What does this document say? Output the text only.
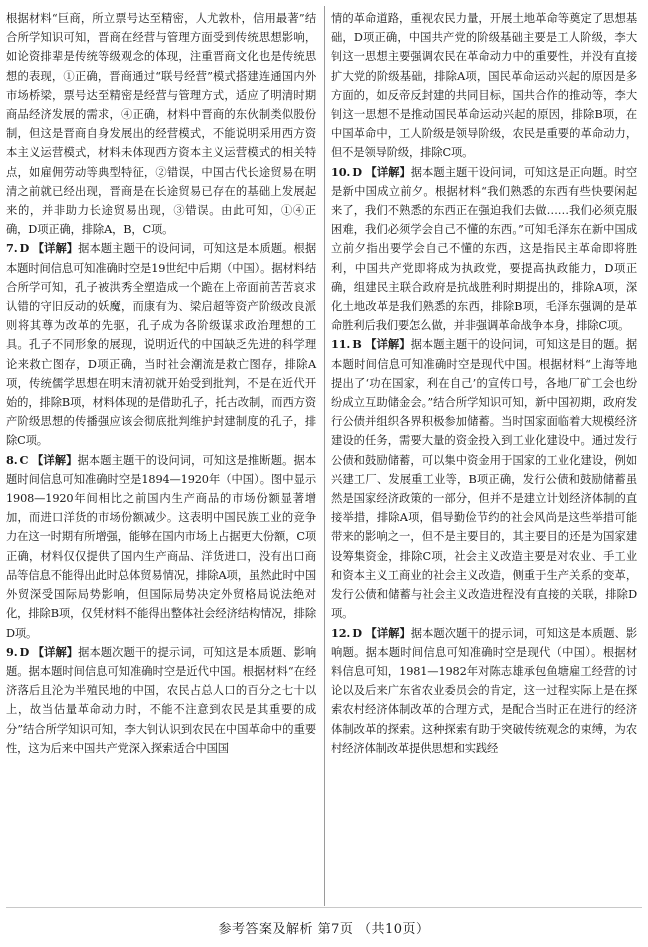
根据材料“巨商，所立票号达至精密，人尤敦朴，信用最著”结合所学知识可知，晋商在经营与管理方面受到传统思想影响，如论资排辈是传统等级观念的体现，注重晋商文化也是传统思想的表现，①正确，晋商通过“联号经营”模式搭建连通国内外市场桥梁，票号达至精密是经营与管理方式，适应了明清时期商品经济发展的需求，④正确，材料中晋商的东伙制类似股份制，但这是晋商自身发展出的经营模式，不能说明采用西方资本主义运营模式，材料未体现西方资本主义运营模式的相关特点，如雇佣劳动等典型特征，②错误，中国古代长途贸易在明清之前就已经出现，晋商是在长途贸易已存在的基础上发展起来的，并非助力长途贸易出现，③错误。由此可知，①④正确，D项正确，排除A，B，C项。

7. D 【详解】据本题主题干的设问词，可知这是本质题。根据本题时间信息可知准确时空是19世纪中后期（中国）。据材料结合所学可知，孔子被洪秀全塑造成一个跪在上帝面前苦苦哀求认错的守旧反动的妖魔，而康有为、梁启超等资产阶级改良派则将其尊为改革的先驱，孔子成为各阶级谋求政治理想的工具。孔子不同形象的展现，说明近代的中国缺乏先进的科学理论来救亡图存，D项正确，当时社会潮流是救亡图存，排除A项，传统儒学思想在明末清初就开始受到批判，不是在近代开始的，排除B项，材料体现的是借助孔子，托古改制，而西方资产阶级思想的传播强应该会彻底批判维护封建制度的孔子，排除C项。

8. C 【详解】据本题主题干的设问词，可知这是推断题。据本题时间信息可知准确时空是1894—1920年（中国）。图中显示1908—1920年间相比之前国内生产商品的市场份额显著增加，而进口洋货的市场份额减少。这表明中国民族工业的竞争力在这一时期有所增强，能够在国内市场上占据更大份额，C项正确，材料仅仅提供了国内生产商品、洋货进口，没有出口商品等信息不能得出此时总体贸易情况，排除A项，虽然此时中国外贸深受国际局势影响，但国际局势决定外贸格局说法绝对化，排除B项，仅凭材料不能得出整体社会经济结构情况，排除D项。

9. D 【详解】据本题次题干的提示词，可知这是本质题、影响题。据本题时间信息可知准确时空是近代中国。根据材料“在经济落后且沦为半殖民地的中国，农民占总人口的百分之七十以上，故当估量革命动力时，不能不注意到农民是其重要的成分”结合所学知识可知，李大钊认识到农民在中国革命中的重要性，这为后来中国共产党深入探索适合中国国

情的革命道路，重视农民力量，开展土地革命等奠定了思想基础，D项正确，中国共产党的阶级基础主要是工人阶级，李大钊这一思想主要强调农民在革命动力中的重要性，并没有直接扩大党的阶级基础，排除A项，国民革命运动兴起的原因是多方面的，如反帝反封建的共同目标，国共合作的推动等，李大钊这一思想不是推动国民革命运动兴起的原因，排除B项，在中国革命中，工人阶级是领导阶级，农民是重要的革命动力，但不是领导阶级，排除C项。

10. D 【详解】据本题主题干设问词，可知这是正向题。时空是新中国成立前夕。根据材料“我们熟悉的东西有些快要闲起来了，我们不熟悉的东西正在强迫我们去做……我们必须克服困难，我们必须学会自己不懂的东西。”可知毛泽东在新中国成立前夕指出要学会自己不懂的东西，这是指民主革命即将胜利，中国共产党即将成为执政党，要提高执政能力，D项正确，组建民主联合政府是抗战胜利时期提出的，排除A项，深化土地改革是我们熟悉的东西，排除B项，毛泽东强调的是革命胜利后我们要怎么做，并非强调革命战争本身，排除C项。

11. B 【详解】据本题主题干的设问词，可知这是目的题。据本题时间信息可知准确时空是现代中国。根据材料“上海等地提出了‘功在国家，利在自己’的宣传口号，各地厂矿工会也纷纷成立互助储金会。”结合所学知识可知，新中国初期，政府发行公债并组织各界积极参加储蓄。当时国家面临着大规模经济建设的任务，需要大量的资金投入到工业化建设中。通过发行公债和鼓励储蓄，可以集中资金用于国家的工业化建设，例如兴建工厂、发展重工业等，B项正确，发行公债和鼓励储蓄虽然是国家经济政策的一部分，但并不是建立计划经济体制的直接举措，排除A项，倡导勤俭节约的社会风尚是这些举措可能带来的影响之一，但不是主要目的，其主要目的还是为国家建设筹集资金，排除C项，社会主义改造主要是对农业、手工业和资本主义工商业的社会主义改造，侧重于生产关系的变革，发行公债和储蓄与社会主义改造进程没有直接的关联，排除D项。

12. D 【详解】据本题次题干的提示词，可知这是本质题、影响题。据本题时间信息可知准确时空是现代（中国）。根据材料信息可知，1981—1982年对陈志雄承包鱼塘雇工经营的讨论以及后来广东省农业委员会的肯定，这一过程实际上是在探索农村经济体制改革的合理方式，是配合当时正在进行的经济体制改革的探索。这种探索有助于突破传统观念的束缚，为农村经济体制改革提供思想和实践经

参考答案及解析 第7页 （共10页）
